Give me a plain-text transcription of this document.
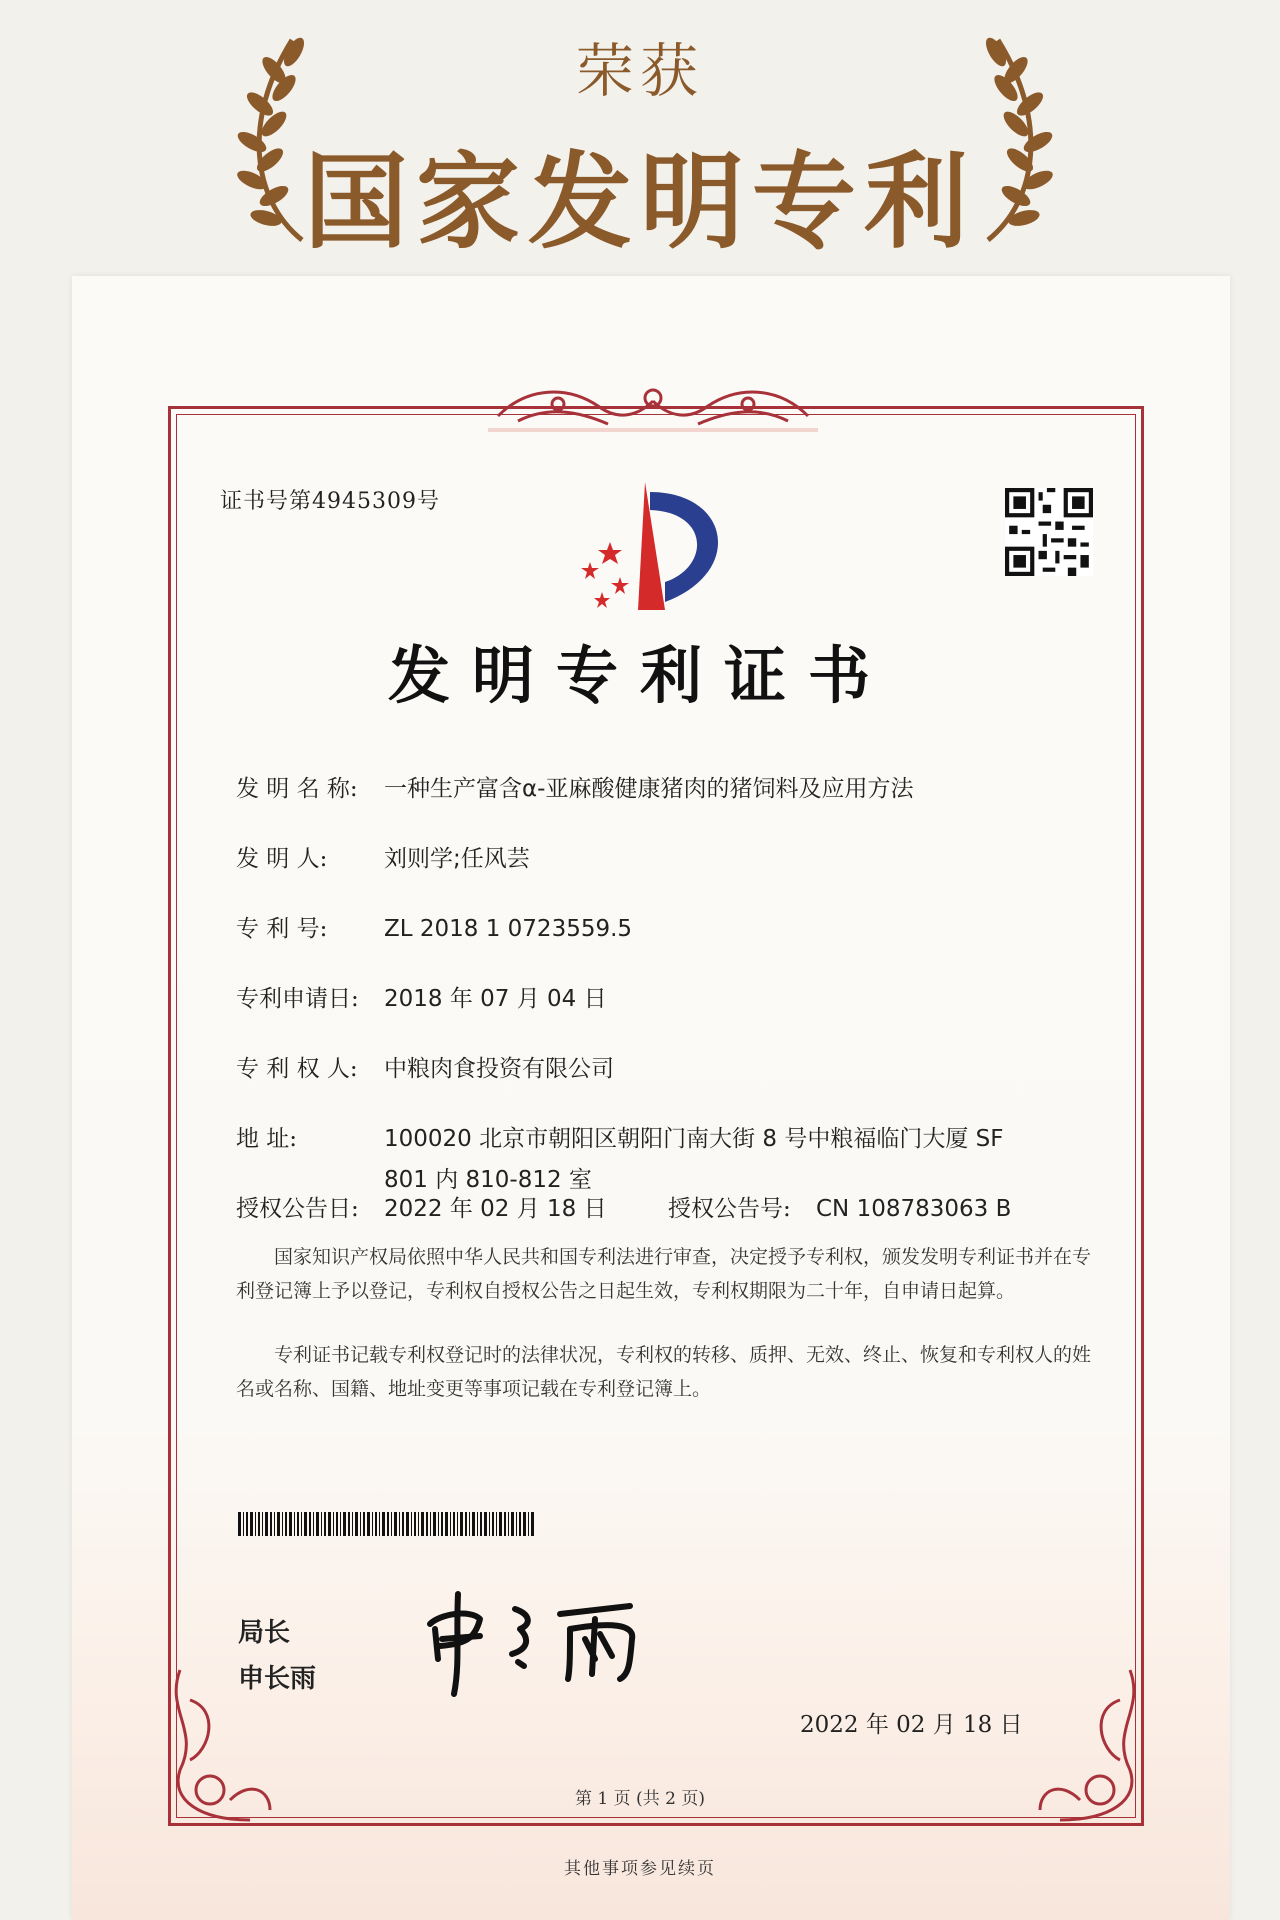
荣获
国家发明专利
证书号第4945309号
发明专利证书
发 明 名 称: 一种生产富含α-亚麻酸健康猪肉的猪饲料及应用方法
发 明 人: 刘则学;任风芸
专 利 号: ZL 2018 1 0723559.5
专利申请日: 2018 年 07 月 04 日
专 利 权 人: 中粮肉食投资有限公司
地 址:	100020 北京市朝阳区朝阳门南大街 8 号中粮福临门大厦 SF
801 内 810-812 室
授权公告日: 2022 年 02 月 18 日	授权公告号: CN 108783063 B
国家知识产权局依照中华人民共和国专利法进行审查，决定授予专利权，颁发发明专利证书并在专利登记簿上予以登记，专利权自授权公告之日起生效，专利权期限为二十年，自申请日起算。
专利证书记载专利权登记时的法律状况，专利权的转移、质押、无效、终止、恢复和专利权人的姓名或名称、国籍、地址变更等事项记载在专利登记簿上。
局长
申长雨
2022 年 02 月 18 日
第 1 页 (共 2 页)
其他事项参见续页
